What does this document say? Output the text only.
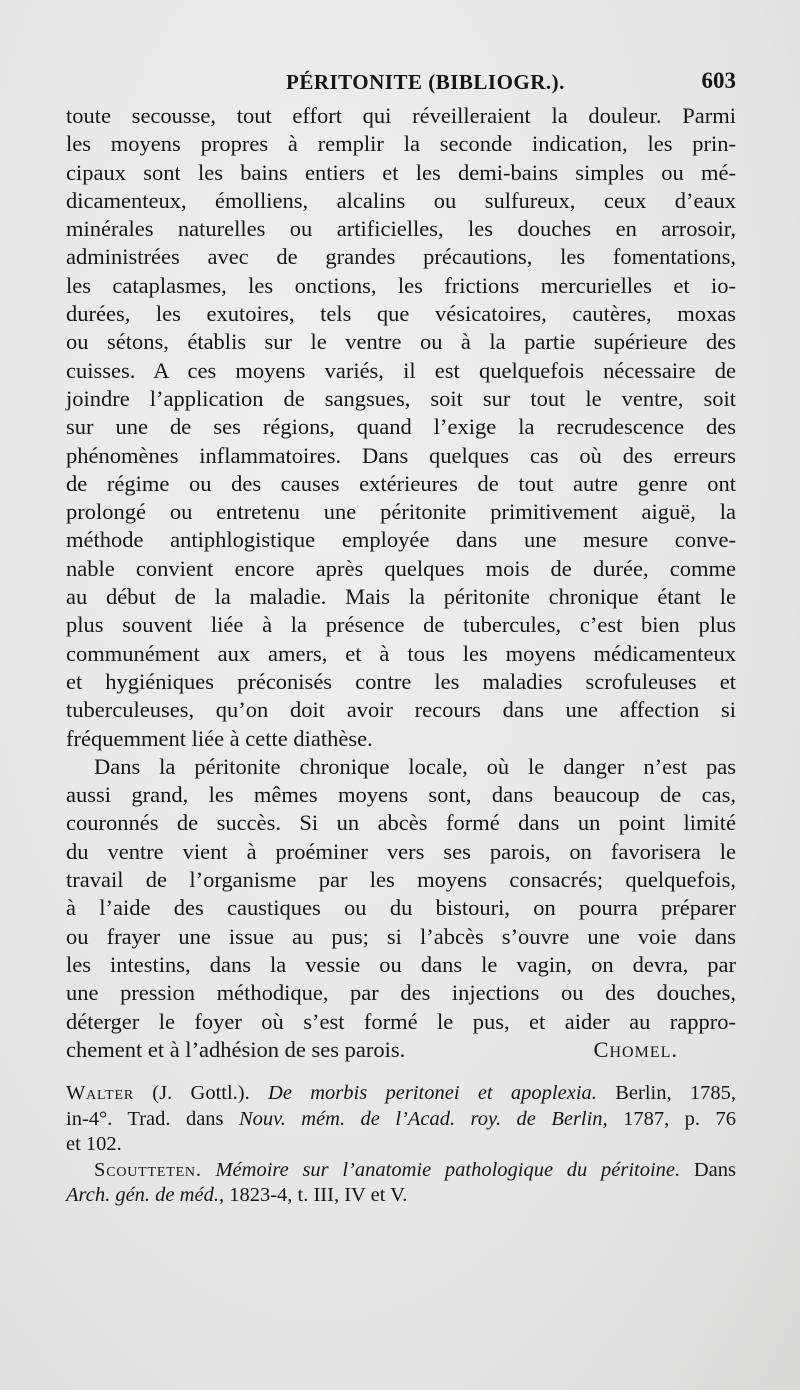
PÉRITONITE (BIBLIOGR.).	603
toute secousse, tout effort qui réveilleraient la douleur. Parmi
les moyens propres à remplir la seconde indication, les prin-
cipaux sont les bains entiers et les demi-bains simples ou mé-
dicamenteux, émolliens, alcalins ou sulfureux, ceux d’eaux
minérales naturelles ou artificielles, les douches en arrosoir,
administrées avec de grandes précautions, les fomentations,
les cataplasmes, les onctions, les frictions mercurielles et io-
durées, les exutoires, tels que vésicatoires, cautères, moxas
ou sétons, établis sur le ventre ou à la partie supérieure des
cuisses. A ces moyens variés, il est quelquefois nécessaire de
joindre l’application de sangsues, soit sur tout le ventre, soit
sur une de ses régions, quand l’exige la recrudescence des
phénomènes inflammatoires. Dans quelques cas où des erreurs
de régime ou des causes extérieures de tout autre genre ont
prolongé ou entretenu une péritonite primitivement aiguë, la
méthode antiphlogistique employée dans une mesure conve-
nable convient encore après quelques mois de durée, comme
au début de la maladie. Mais la péritonite chronique étant le
plus souvent liée à la présence de tubercules, c’est bien plus
communément aux amers, et à tous les moyens médicamenteux
et hygiéniques préconisés contre les maladies scrofuleuses et
tuberculeuses, qu’on doit avoir recours dans une affection si
fréquemment liée à cette diathèse.
Dans la péritonite chronique locale, où le danger n’est pas
aussi grand, les mêmes moyens sont, dans beaucoup de cas,
couronnés de succès. Si un abcès formé dans un point limité
du ventre vient à proéminer vers ses parois, on favorisera le
travail de l’organisme par les moyens consacrés; quelquefois,
à l’aide des caustiques ou du bistouri, on pourra préparer
ou frayer une issue au pus; si l’abcès s’ouvre une voie dans
les intestins, dans la vessie ou dans le vagin, on devra, par
une pression méthodique, par des injections ou des douches,
déterger le foyer où s’est formé le pus, et aider au rappro-
chement et à l’adhésion de ses parois.	Chomel.
Walter (J. Gottl.). De morbis peritonei et apoplexia. Berlin, 1785,
in-4°. Trad. dans Nouv. mém. de l’Acad. roy. de Berlin, 1787, p. 76
et 102.
Scoutteten. Mémoire sur l’anatomie pathologique du péritoine. Dans
Arch. gén. de méd., 1823-4, t. III, IV et V.
